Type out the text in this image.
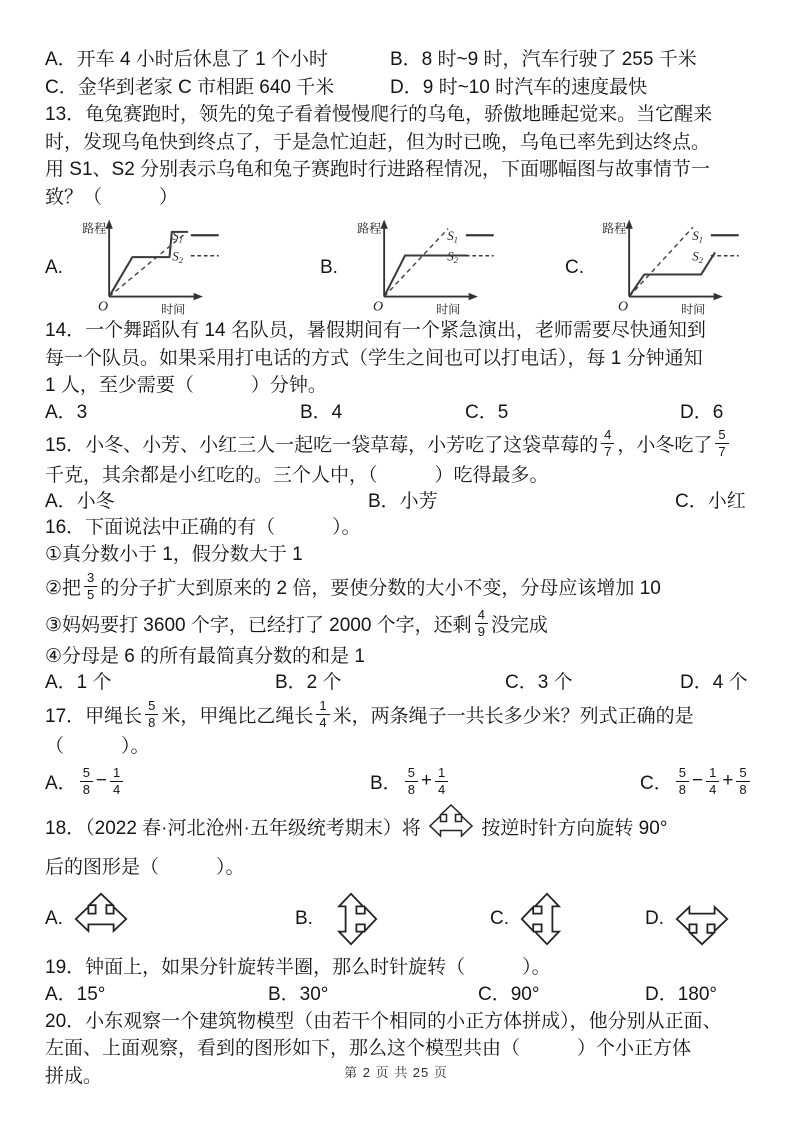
A．开车 4 小时后休息了 1 个小时	B．8 时~9 时，汽车行驶了 255 千米
C．金华到老家 C 市相距 640 千米	D．9 时~10 时汽车的速度最快
13．龟兔赛跑时，领先的兔子看着慢慢爬行的乌龟，骄傲地睡起觉来。当它醒来
时，发现乌龟快到终点了，于是急忙迫赶，但为时已晚，乌龟已率先到达终点。
用 S1、S2 分别表示乌龟和兔子赛跑时行进路程情况，下面哪幅图与故事情节一
致？（　　　）
A.
路程
时间
O
$S_1$
$S_2$	B.
路程
时间
O
$S_1$
$S_2$	C.
路程
时间
O
$S_1$
$S_2$
14．一个舞蹈队有 14 名队员，暑假期间有一个紧急演出，老师需要尽快通知到
每一个队员。如果采用打电话的方式（学生之间也可以打电话），每 1 分钟通知
1 人，至少需要（　　　）分钟。
A．3	B．4	C．5	D．6
15．小冬、小芳、小红三人一起吃一袋草莓，小芳吃了这袋草莓的 $\frac{4}{7}$ ，小冬吃了 $\frac{5}{7}$
千克，其余都是小红吃的。三个人中，（　　　）吃得最多。
A．小冬	B．小芳	C．小红
16．下面说法中正确的有（　　　）。
①真分数小于 1，假分数大于 1
②把 $\frac{3}{5}$ 的分子扩大到原来的 2 倍，要使分数的大小不变，分母应该增加 10
③妈妈要打 3600 个字，已经打了 2000 个字，还剩 $\frac{4}{9}$ 没完成
④分母是 6 的所有最简真分数的和是 1
A．1 个	B．2 个	C．3 个	D．4 个
17．甲绳长 $\frac{5}{8}$ 米，甲绳比乙绳长 $\frac{1}{4}$ 米，两条绳子一共长多少米？列式正确的是
（　　　）。
A． $\frac{5}{8} - \frac{1}{4}$	B． $\frac{5}{8} + \frac{1}{4}$	C． $\frac{5}{8} - \frac{1}{4} + \frac{5}{8}$
18．（2022 春·河北沧州·五年级统考期末）将	按逆时针方向旋转 90°
后的图形是（　　　）。
A.	B.	C.	D.
19．钟面上，如果分针旋转半圈，那么时针旋转（　　　）。
A．15°	B．30°	C．90°	D．180°
20．小东观察一个建筑物模型（由若干个相同的小正方体拼成），他分别从正面、
左面、上面观察，看到的图形如下，那么这个模型共由（　　　）个小正方体
拼成。	第 2 页 共 25 页
